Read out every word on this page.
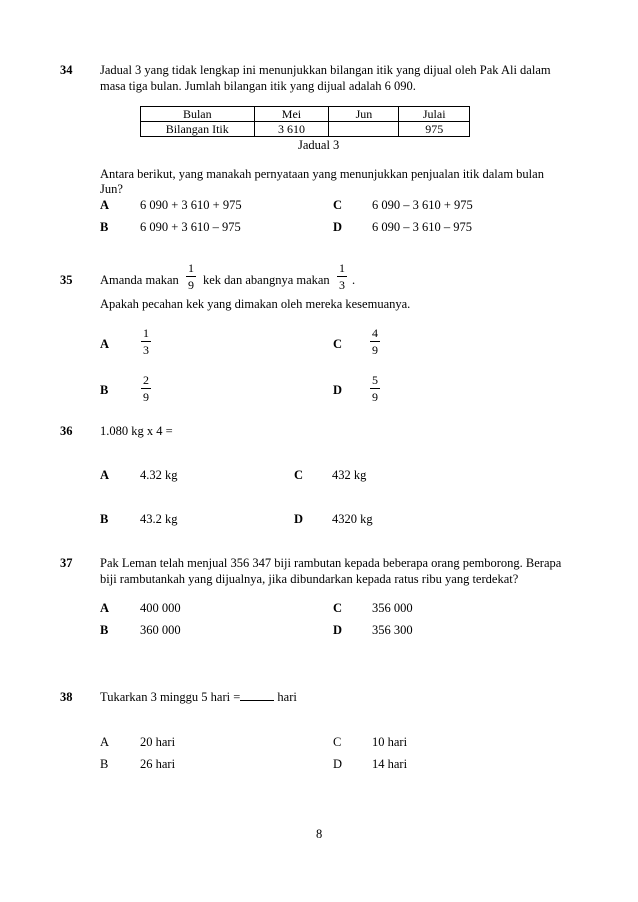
34 Jadual 3 yang tidak lengkap ini menunjukkan bilangan itik yang dijual oleh Pak Ali dalam
masa tiga bulan. Jumlah bilangan itik yang dijual adalah 6 090.
Bulan	Mei	Jun	Julai
Bilangan Itik	3 610		975
Jadual 3
Antara berikut, yang manakah pernyataan yang menunjukkan penjualan itik dalam bulan
Jun?
A 6 090 + 3 610 + 975
B	6 090 + 3 610 – 975
C 6 090 – 3 610 + 975
D 6 090 – 3 610 – 975
35 Amanda makan $\frac{1}{9}$ kek dan abangnya makan $\frac{1}{3}$ .
Apakah pecahan kek yang dimakan oleh mereka kesemuanya.
A	$\frac{1}{3}$
B	$\frac{2}{9}$
C $\frac{4}{9}$
D $\frac{5}{9}$
36 1.080 kg x 4 =
A 4.32 kg
B	43.2 kg
C 432 kg
D 4320 kg
37 Pak Leman telah menjual 356 347 biji rambutan kepada beberapa orang pemborong. Berapa
biji rambutankah yang dijualnya, jika dibundarkan kepada ratus ribu yang terdekat?
A 400 000
B	360 000
C 356 000
D 356 300
38 Tukarkan 3 minggu 5 hari =	hari
A 20 hari
B	26 hari
C 10 hari
D 14 hari
8
